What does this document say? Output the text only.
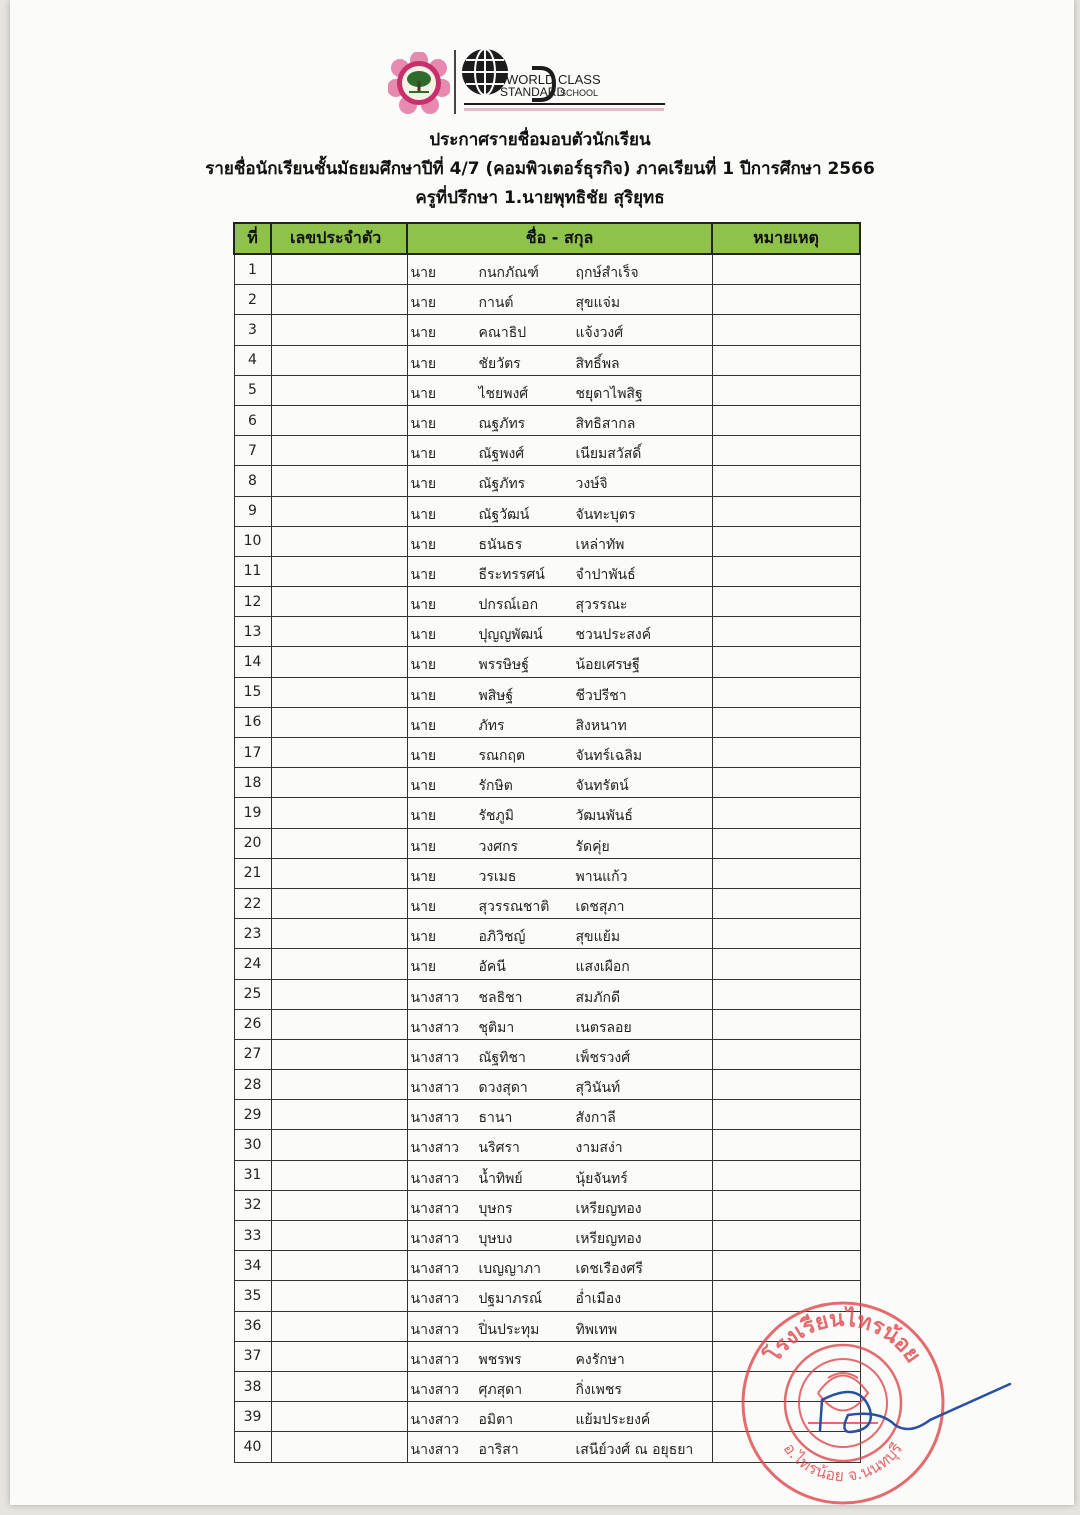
WORLD
STANDARD
CLASS
SCHOOL
ประกาศรายชื่อมอบตัวนักเรียน
รายชื่อนักเรียนชั้นมัธยมศึกษาปีที่ 4/7 (คอมพิวเตอร์ธุรกิจ) ภาคเรียนที่ 1 ปีการศึกษา 2566
ครูที่ปรึกษา 1.นายพุทธิชัย สุริยุทธ
ที่	เลขประจำตัว	ชื่อ - สกุล	หมายเหตุ
1		นาย กนกภัณฑ์ ฤกษ์สำเร็จ	

2		นาย กานต์ สุขแจ่ม	

3		นาย คณาธิป แจ้งวงศ์	

4		นาย ชัยวัตร สิทธิ์พล	

5		นาย ไชยพงศ์ ชยุดาไพสิฐ	

6		นาย ณฐภัทร สิทธิสากล	

7		นาย ณัฐพงศ์ เนียมสวัสดิ์	

8		นาย ณัฐภัทร วงษ์จิ	

9		นาย ณัฐวัฒน์ จันทะบุตร	

10		นาย ธนันธร เหล่าทัพ	

11		นาย ธีระทรรศน์ จำปาพันธ์	

12		นาย ปกรณ์เอก สุวรรณะ	

13		นาย ปุญญพัฒน์ ชวนประสงค์	

14		นาย พรรษิษฐ์ น้อยเศรษฐี	

15		นาย พสิษฐ์ ชีวปรีชา	

16		นาย ภัทร สิงหนาท	

17		นาย รณกฤต จันทร์เฉลิม	

18		นาย รักษิต จันทรัตน์	

19		นาย รัชภูมิ วัฒนพันธ์	

20		นาย วงศกร รัดคุ่ย	

21		นาย วรเมธ พานแก้ว	

22		นาย สุวรรณชาติ เดชสุภา	

23		นาย อภิวิชญ์ สุขแย้ม	

24		นาย อัคนี แสงเผือก	

25		นางสาว ชลธิชา สมภักดี	

26		นางสาว ชุติมา เนตรลอย	

27		นางสาว ณัฐทิชา เพ็ชรวงศ์	

28		นางสาว ดวงสุดา สุวินันท์	

29		นางสาว ธานา สังกาลี	

30		นางสาว นริศรา งามสง่า	

31		นางสาว น้ำทิพย์ นุ้ยจันทร์	

32		นางสาว บุษกร เหรียญทอง	

33		นางสาว บุษบง เหรียญทอง	

34		นางสาว เบญญาภา เดชเรืองศรี	

35		นางสาว ปฐมาภรณ์ อ่ำเมือง	

36		นางสาว ปิ่นประทุม ทิพเทพ	

37		นางสาว พชรพร คงรักษา	

38		นางสาว ศุภสุดา กิ่งเพชร	

39		นางสาว อมิตา แย้มประยงค์	

40		นางสาว อาริสา เสนีย์วงศ์ ณ อยุธยา	

โรงเรียนไทรน้อย
อ.ไทรน้อย จ.นนทบุรี
